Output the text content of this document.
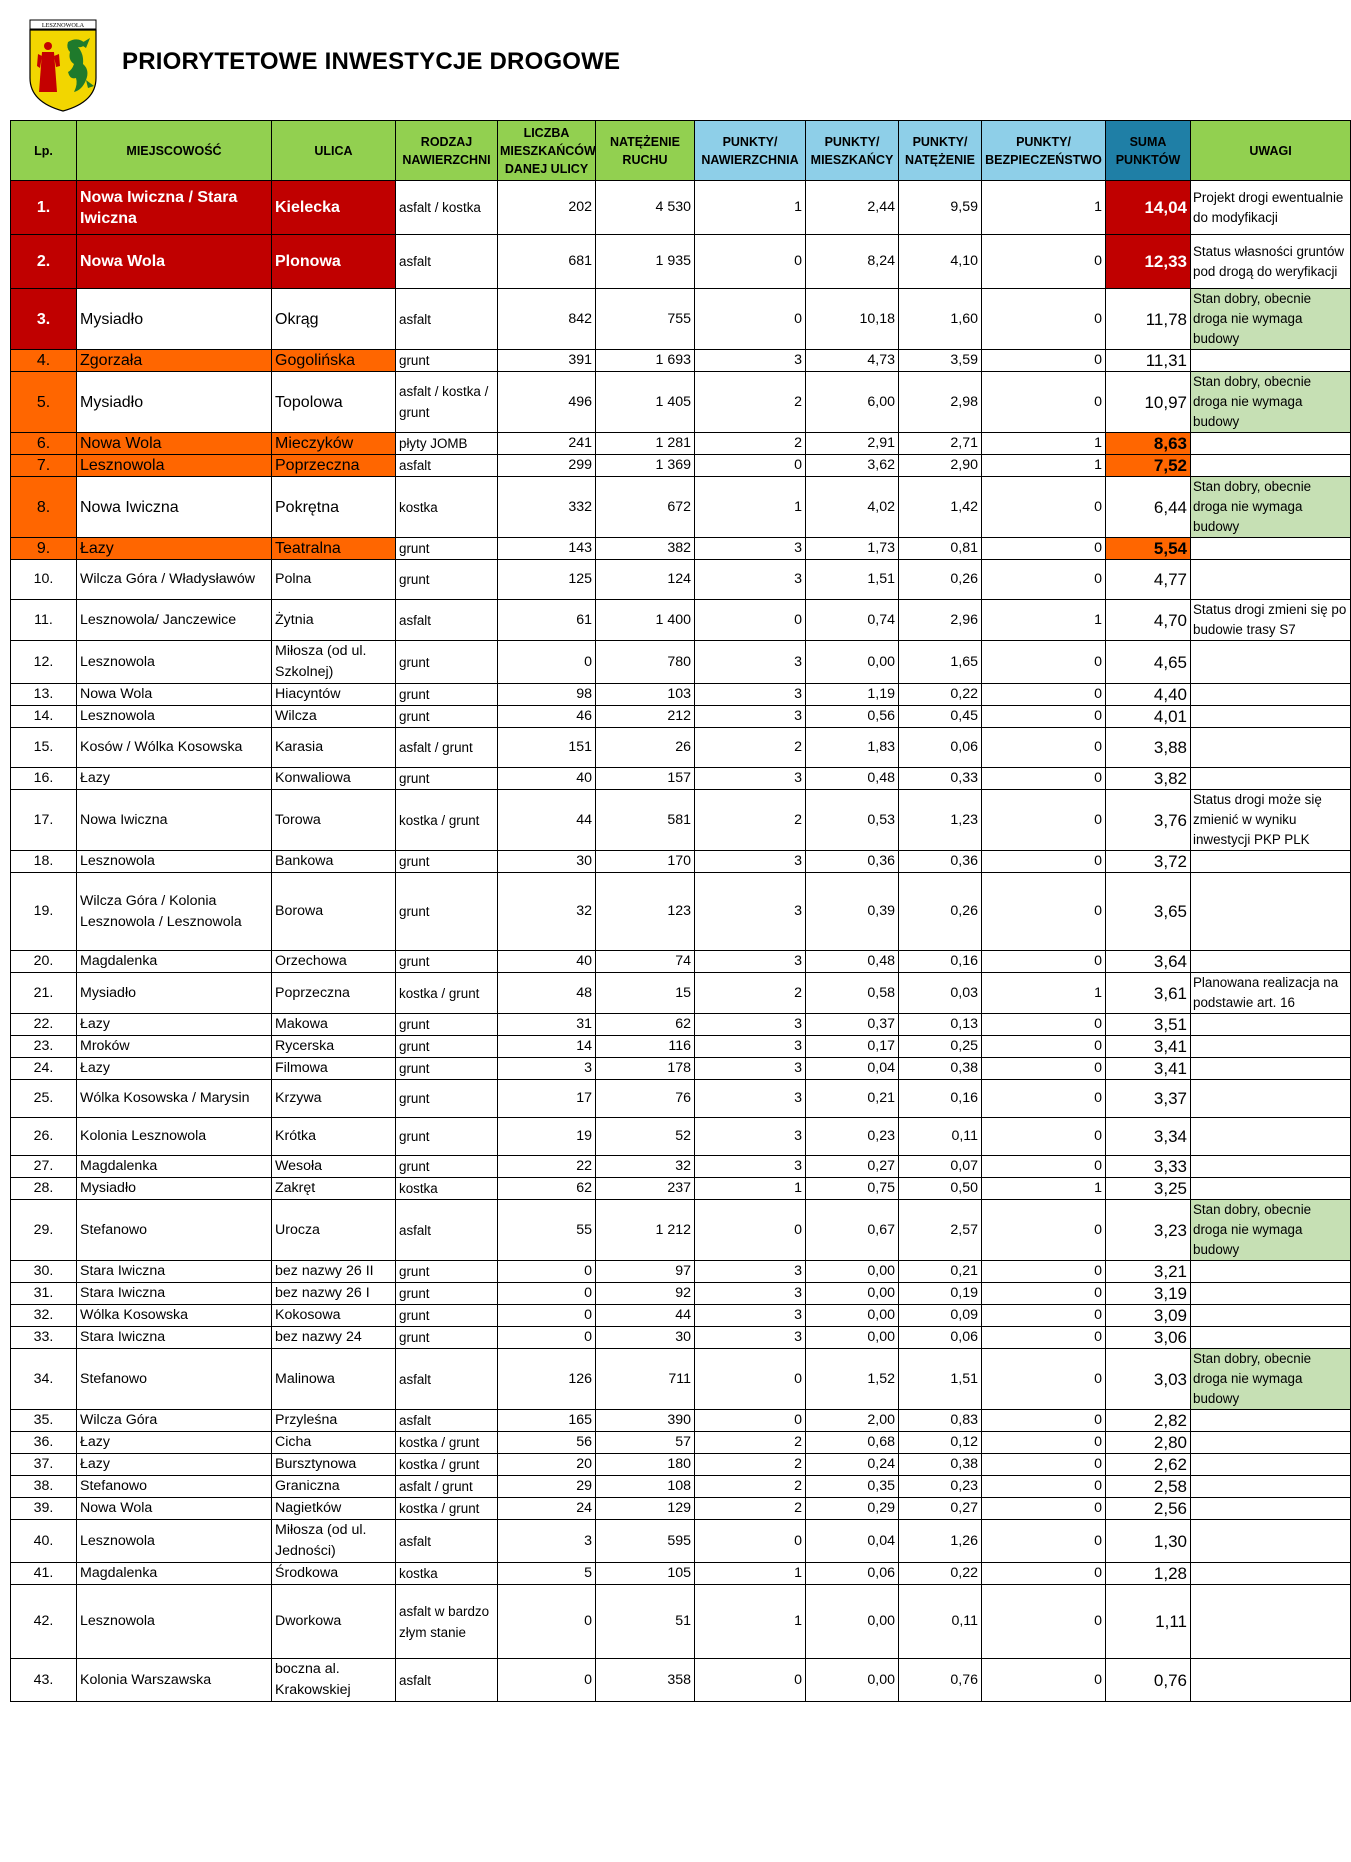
LESZNOWOLA
PRIORYTETOWE INWESTYCJE DROGOWE
Lp.	MIEJSCOWOŚĆ	ULICA	RODZAJ NAWIERZCHNI	LICZBA MIESZKAŃCÓW DANEJ ULICY	NATĘŻENIE RUCHU	PUNKTY/ NAWIERZCHNIA	PUNKTY/ MIESZKAŃCY	PUNKTY/ NATĘŻENIE	PUNKTY/ BEZPIECZEŃSTWO	SUMA PUNKTÓW	UWAGI
1.	Nowa Iwiczna / Stara Iwiczna	Kielecka	asfalt / kostka	202	4 530	1	2,44	9,59	1	14,04	Projekt drogi ewentualnie do modyfikacji
2.	Nowa Wola	Plonowa	asfalt	681	1 935	0	8,24	4,10	0	12,33	Status własności gruntów pod drogą do weryfikacji
3.	Mysiadło	Okrąg	asfalt	842	755	0	10,18	1,60	0	11,78	Stan dobry, obecnie droga nie wymaga budowy
4.	Zgorzała	Gogolińska	grunt	391	1 693	3	4,73	3,59	0	11,31	
5.	Mysiadło	Topolowa	asfalt / kostka / grunt	496	1 405	2	6,00	2,98	0	10,97	Stan dobry, obecnie droga nie wymaga budowy
6.	Nowa Wola	Mieczyków	płyty JOMB	241	1 281	2	2,91	2,71	1	8,63	
7.	Lesznowola	Poprzeczna	asfalt	299	1 369	0	3,62	2,90	1	7,52	
8.	Nowa Iwiczna	Pokrętna	kostka	332	672	1	4,02	1,42	0	6,44	Stan dobry, obecnie droga nie wymaga budowy
9.	Łazy	Teatralna	grunt	143	382	3	1,73	0,81	0	5,54	
10.	Wilcza Góra / Władysławów	Polna	grunt	125	124	3	1,51	0,26	0	4,77	
11.	Lesznowola/ Janczewice	Żytnia	asfalt	61	1 400	0	0,74	2,96	1	4,70	Status drogi zmieni się po budowie trasy S7
12.	Lesznowola	Miłosza (od ul. Szkolnej)	grunt	0	780	3	0,00	1,65	0	4,65	
13.	Nowa Wola	Hiacyntów	grunt	98	103	3	1,19	0,22	0	4,40	
14.	Lesznowola	Wilcza	grunt	46	212	3	0,56	0,45	0	4,01	
15.	Kosów / Wólka Kosowska	Karasia	asfalt / grunt	151	26	2	1,83	0,06	0	3,88	
16.	Łazy	Konwaliowa	grunt	40	157	3	0,48	0,33	0	3,82	
17.	Nowa Iwiczna	Torowa	kostka / grunt	44	581	2	0,53	1,23	0	3,76	Status drogi może się zmienić w wyniku inwestycji PKP PLK
18.	Lesznowola	Bankowa	grunt	30	170	3	0,36	0,36	0	3,72	
19.	Wilcza Góra / Kolonia Lesznowola / Lesznowola	Borowa	grunt	32	123	3	0,39	0,26	0	3,65	
20.	Magdalenka	Orzechowa	grunt	40	74	3	0,48	0,16	0	3,64	
21.	Mysiadło	Poprzeczna	kostka / grunt	48	15	2	0,58	0,03	1	3,61	Planowana realizacja na podstawie art. 16
22.	Łazy	Makowa	grunt	31	62	3	0,37	0,13	0	3,51	
23.	Mroków	Rycerska	grunt	14	116	3	0,17	0,25	0	3,41	
24.	Łazy	Filmowa	grunt	3	178	3	0,04	0,38	0	3,41	
25.	Wólka Kosowska / Marysin	Krzywa	grunt	17	76	3	0,21	0,16	0	3,37	
26.	Kolonia Lesznowola	Krótka	grunt	19	52	3	0,23	0,11	0	3,34	
27.	Magdalenka	Wesoła	grunt	22	32	3	0,27	0,07	0	3,33	
28.	Mysiadło	Zakręt	kostka	62	237	1	0,75	0,50	1	3,25	
29.	Stefanowo	Urocza	asfalt	55	1 212	0	0,67	2,57	0	3,23	Stan dobry, obecnie droga nie wymaga budowy
30.	Stara Iwiczna	bez nazwy 26 II	grunt	0	97	3	0,00	0,21	0	3,21	
31.	Stara Iwiczna	bez nazwy 26 I	grunt	0	92	3	0,00	0,19	0	3,19	
32.	Wólka Kosowska	Kokosowa	grunt	0	44	3	0,00	0,09	0	3,09	
33.	Stara Iwiczna	bez nazwy 24	grunt	0	30	3	0,00	0,06	0	3,06	
34.	Stefanowo	Malinowa	asfalt	126	711	0	1,52	1,51	0	3,03	Stan dobry, obecnie droga nie wymaga budowy
35.	Wilcza Góra	Przyleśna	asfalt	165	390	0	2,00	0,83	0	2,82	
36.	Łazy	Cicha	kostka / grunt	56	57	2	0,68	0,12	0	2,80	
37.	Łazy	Bursztynowa	kostka / grunt	20	180	2	0,24	0,38	0	2,62	
38.	Stefanowo	Graniczna	asfalt / grunt	29	108	2	0,35	0,23	0	2,58	
39.	Nowa Wola	Nagietków	kostka / grunt	24	129	2	0,29	0,27	0	2,56	
40.	Lesznowola	Miłosza (od ul. Jedności)	asfalt	3	595	0	0,04	1,26	0	1,30	
41.	Magdalenka	Środkowa	kostka	5	105	1	0,06	0,22	0	1,28	
42.	Lesznowola	Dworkowa	asfalt w bardzo złym stanie	0	51	1	0,00	0,11	0	1,11	
43.	Kolonia Warszawska	boczna al. Krakowskiej	asfalt	0	358	0	0,00	0,76	0	0,76	
